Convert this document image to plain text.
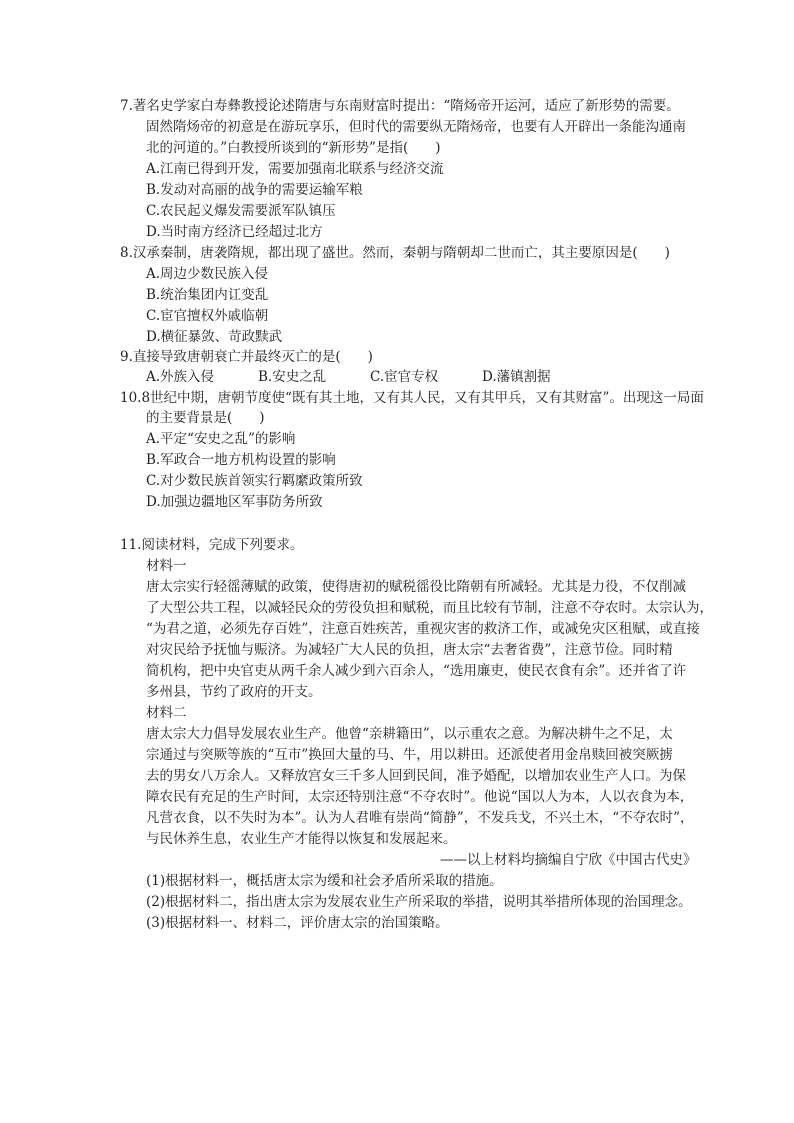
7.著名史学家白寿彝教授论述隋唐与东南财富时提出：“隋炀帝开运河，适应了新形势的需要。
固然隋炀帝的初意是在游玩享乐，但时代的需要纵无隋炀帝，也要有人开辟出一条能沟通南
北的河道的。”白教授所谈到的“新形势”是指(　　)
A.江南已得到开发，需要加强南北联系与经济交流
B.发动对高丽的战争的需要运输军粮
C.农民起义爆发需要派军队镇压
D.当时南方经济已经超过北方
8.汉承秦制，唐袭隋规，都出现了盛世。然而，秦朝与隋朝却二世而亡，其主要原因是(　　)
A.周边少数民族入侵
B.统治集团内讧变乱
C.宦官擅权外戚临朝
D.横征暴敛、苛政黩武
9.直接导致唐朝衰亡并最终灭亡的是(　　)
A.外族入侵	B.安史之乱	C.宦官专权	D.藩镇割据
10.8世纪中期，唐朝节度使“既有其土地，又有其人民，又有其甲兵，又有其财富”。出现这一局面
的主要背景是(　　)
A.平定“安史之乱”的影响
B.军政合一地方机构设置的影响
C.对少数民族首领实行羁縻政策所致
D.加强边疆地区军事防务所致
11.阅读材料，完成下列要求。
材料一
唐太宗实行轻徭薄赋的政策，使得唐初的赋税徭役比隋朝有所减轻。尤其是力役，不仅削减
了大型公共工程，以减轻民众的劳役负担和赋税，而且比较有节制，注意不夺农时。太宗认为，
“为君之道，必须先存百姓”，注意百姓疾苦，重视灾害的救济工作，或减免灾区租赋，或直接
对灾民给予抚恤与赈济。为减轻广大人民的负担，唐太宗“去奢省费”，注意节俭。同时精
简机构，把中央官吏从两千余人减少到六百余人，“选用廉吏，使民衣食有余”。还并省了许
多州县，节约了政府的开支。
材料二
唐太宗大力倡导发展农业生产。他曾“亲耕籍田”，以示重农之意。为解决耕牛之不足，太
宗通过与突厥等族的“互市”换回大量的马、牛，用以耕田。还派使者用金帛赎回被突厥掳
去的男女八万余人。又释放宫女三千多人回到民间，准予婚配，以增加农业生产人口。为保
障农民有充足的生产时间，太宗还特别注意“不夺农时”。他说“国以人为本，人以衣食为本，
凡营衣食，以不失时为本”。认为人君唯有崇尚“简静”，不发兵戈，不兴土木，“不夺农时”，
与民休养生息，农业生产才能得以恢复和发展起来。
——以上材料均摘编自宁欣《中国古代史》
(1)根据材料一，概括唐太宗为缓和社会矛盾所采取的措施。
(2)根据材料二，指出唐太宗为发展农业生产所采取的举措，说明其举措所体现的治国理念。
(3)根据材料一、材料二，评价唐太宗的治国策略。
